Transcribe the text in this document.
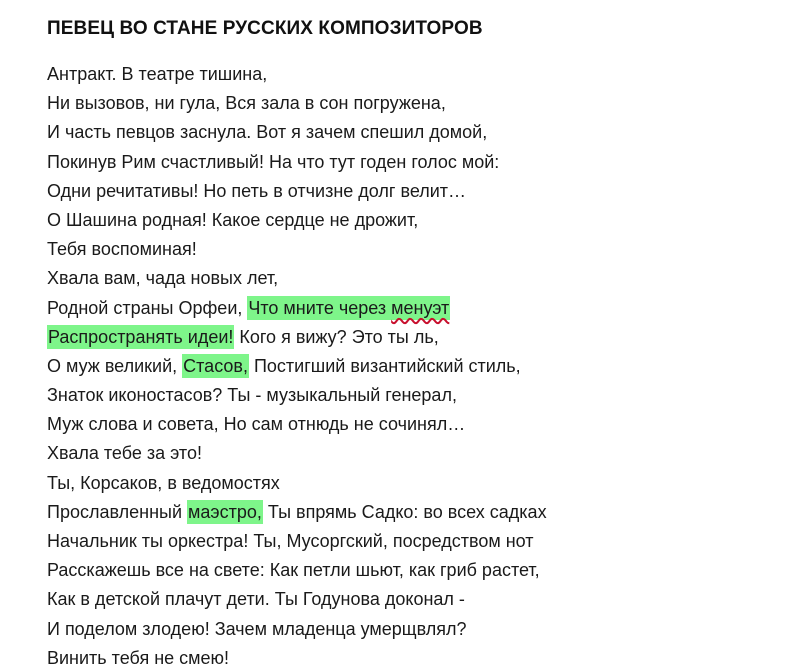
ПЕВЕЦ ВО СТАНЕ РУССКИХ КОМПОЗИТОРОВ
Антракт. В театре тишина,
Ни вызовов, ни гула, Вся зала в сон погружена,
И часть певцов заснула. Вот я зачем спешил домой,
Покинув Рим счастливый! На что тут годен голос мой:
Одни речитативы! Но петь в отчизне долг велит…
О Шашина родная! Какое сердце не дрожит,
Тебя воспоминая!
Хвала вам, чада новых лет,
Родной страны Орфеи, Что мните через менуэт
Распространять идеи! Кого я вижу? Это ты ль,
О муж великий, Стасов, Постигший византийский стиль,
Знаток иконостасов? Ты - музыкальный генерал,
Муж слова и совета, Но сам отнюдь не сочинял…
Хвала тебе за это!
Ты, Корсаков, в ведомостях
Прославленный маэстро, Ты впрямь Садко: во всех садках
Начальник ты оркестра! Ты, Мусоргский, посредством нот
Расскажешь все на свете: Как петли шьют, как гриб растет,
Как в детской плачут дети. Ты Годунова доконал -
И поделом злодею! Зачем младенца умерщвлял?
Винить тебя не смею!
